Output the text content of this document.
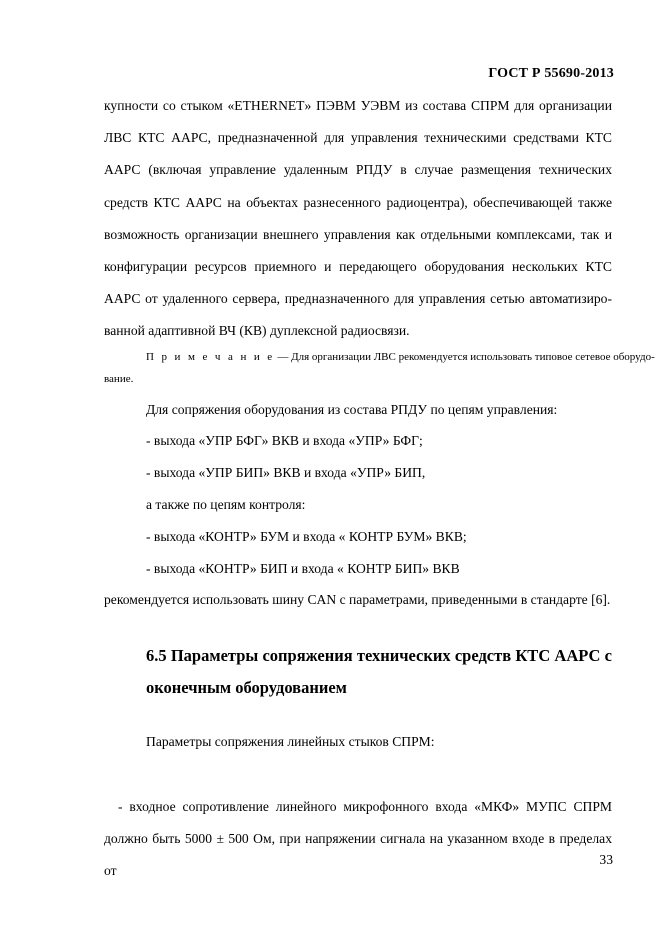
ГОСТ Р 55690-2013
купности со стыком «ETHERNET» ПЭВМ УЭВМ из состава СПРМ для организации
ЛВС КТС ААРС, предназначенной для управления техническими средствами КТС
ААРС (включая управление удаленным РПДУ в случае размещения технических
средств КТС ААРС на объектах разнесенного радиоцентра), обеспечивающей также
возможность организации внешнего управления как отдельными комплексами, так и
конфигурации ресурсов приемного и передающего оборудования нескольких КТС
ААРС от удаленного сервера, предназначенного для управления сетью автоматизиро-
ванной адаптивной ВЧ (КВ) дуплексной радиосвязи.
П р и м е ч а н и е — Для организации ЛВС рекомендуется использовать типовое сетевое оборудо-
вание.
Для сопряжения оборудования из состава РПДУ по цепям управления:
- выхода «УПР БФГ» ВКВ и входа «УПР» БФГ;
- выхода «УПР БИП» ВКВ и входа «УПР» БИП,
а также по цепям контроля:
- выхода «КОНТР» БУМ и входа « КОНТР БУМ» ВКВ;
- выхода «КОНТР» БИП и входа « КОНТР БИП» ВКВ
рекомендуется использовать шину CAN с параметрами, приведенными в стандарте [6].
6.5 Параметры сопряжения технических средств КТС ААРС с
оконечным оборудованием
Параметры сопряжения линейных стыков СПРМ:
- входное сопротивление линейного микрофонного входа «МКФ» МУПС СПРМ
должно быть 5000 ± 500 Ом, при напряжении сигнала на указанном входе в пределах от
33
